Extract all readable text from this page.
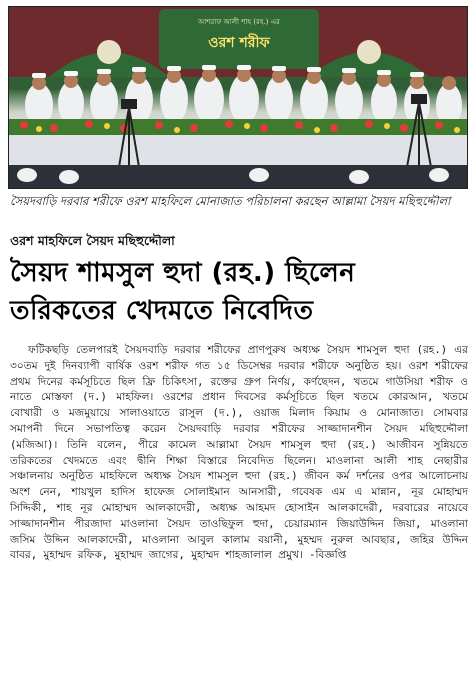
আশরাফ আলী শাহ (রহ.) এর
ওরশ শরীফ
সৈয়দবাড়ি দরবার শরীফে ওরশ মাহফিলে মোনাজাত পরিচালনা করছেন আল্লামা সৈয়দ মছিহুদ্দৌলা
ওরশ মাহফিলে সৈয়দ মছিহুদ্দৌলা
সৈয়দ শামসুল হুদা (রহ.) ছিলেন তরিকতের খেদমতে নিবেদিত
ফটিকছড়ি তেলপারই সৈয়দবাড়ি দরবার শরীফের প্রাণপুরুষ অধ্যক্ষ সৈয়দ শামসুল হুদা (রহ.) এর ৩০তম দুই দিনব্যাপী বার্ষিক ওরশ শরীফ গত ১৫ ডিসেম্বর দরবার শরীফে অনুষ্ঠিত হয়। ওরশ শরীফের প্রথম দিনের কর্মসূচিতে ছিল ফ্রি চিকিৎসা, রক্তের গ্রুপ নির্ণয়, কর্ণছেদন, খতমে গাউসিয়া শরীফ ও নাতে মোস্তফা (দ.) মাহফিল। ওরশের প্রধান দিবসের কর্মসূচিতে ছিল খতমে কোরআন, খতমে বোখারী ও মজমুয়ায়ে সালাওয়াতে রাসুল (দ.), ওয়াজ মিলাদ কিয়াম ও মোনাজাত। সোমবার সমাপনী দিনে সভাপতিত্ব করেন সৈয়দবাড়ি দরবার শরীফের সাজ্জাদানশীন সৈয়দ মছিহুদ্দৌলা (মজিআ)। তিনি বলেন, পীরে কামেল আল্লামা সৈয়দ শামসুল হুদা (রহ.) আজীবন সুন্নিয়তে তরিকতের খেদমতে এবং দ্বীনি শিক্ষা বিস্তারে নিবেদিত ছিলেন। মাওলানা আলী শাহ নেছারীর সঞ্চালনায় অনুষ্ঠিত মাহফিলে অধ্যক্ষ সৈয়দ শামসুল হুদা (রহ.) জীবন কর্ম দর্শনের ওপর আলোচনায় অংশ নেন, শায়খুল হাদিস হাফেজ সোলাইমান আনসারী, গবেষক এম এ মান্নান, নূর মোহাম্মদ সিদ্দিকী, শাহ নূর মোহাম্মদ আলকাদেরী, অধ্যক্ষ আহমদ হোসাইন আলকাদেরী, দরবারের নায়েবে সাজ্জাদানশীন পীরজাদা মাওলানা সৈয়দ তাওছিফুল হুদা, চেয়ারম্যান জিয়াউদ্দিন জিয়া, মাওলানা জসিম উদ্দিন আলকাদেরী, মাওলানা আবুল কালাম বয়ানী, মুহম্মদ নুরুল আবছার, জহির উদ্দিন বাবর, মুহাম্মদ রফিক, মুহাম্মদ জাগের, মুহাম্মদ শাহজালাল প্রমুখ। -বিজ্ঞপ্তি
